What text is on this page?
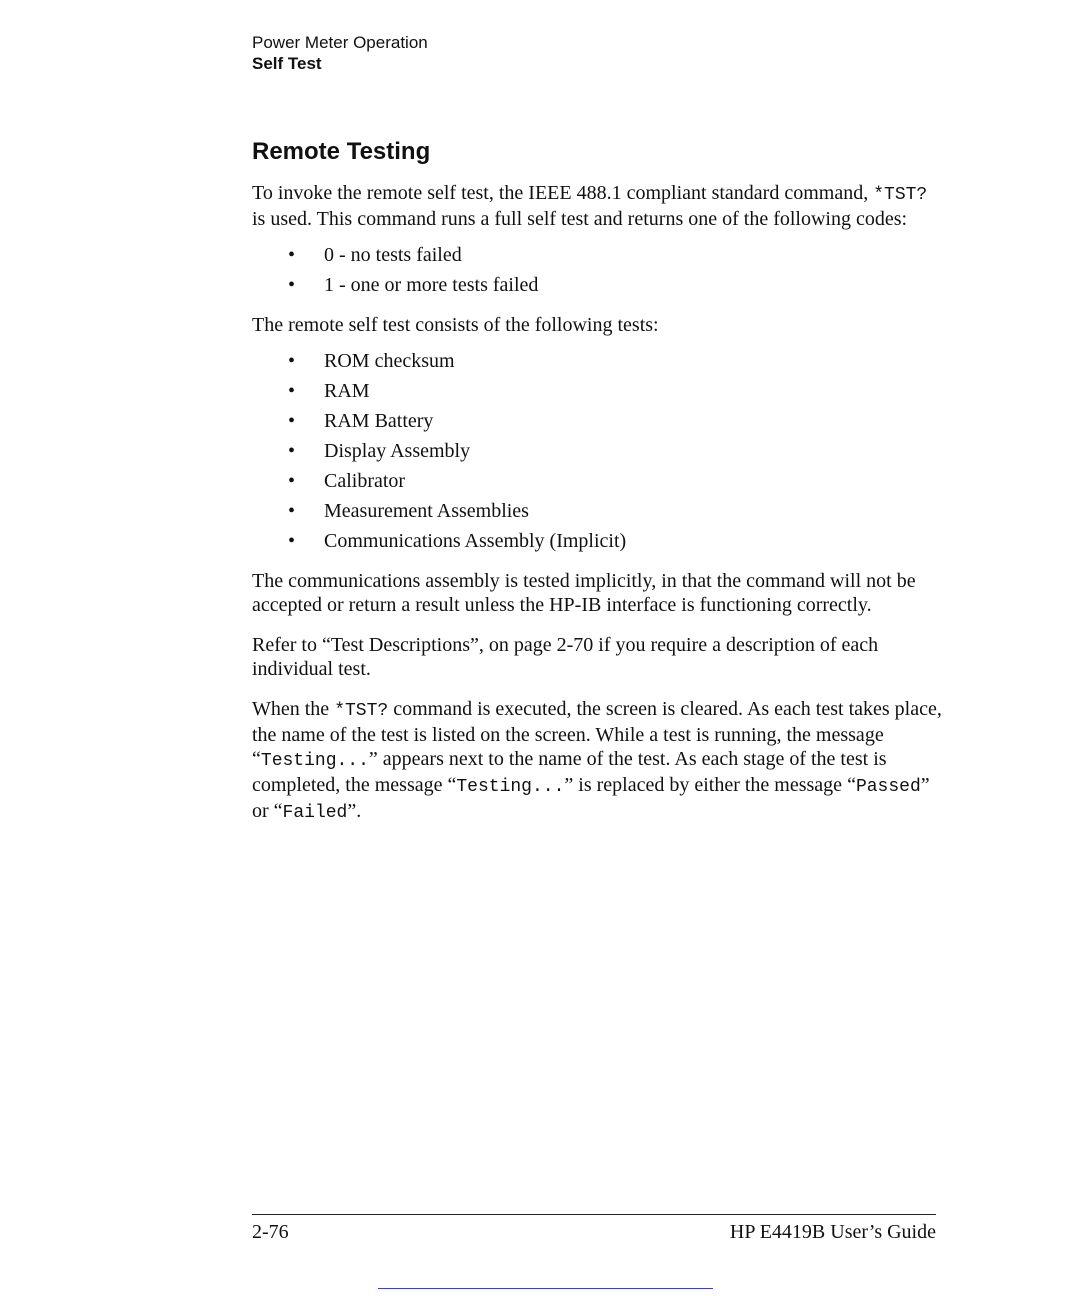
Power Meter Operation
Self Test
Remote Testing

To invoke the remote self test, the IEEE 488.1 compliant standard command, *TST? is used. This command runs a full self test and returns one of the following codes:

• 0 - no tests failed
• 1 - one or more tests failed

The remote self test consists of the following tests:

• ROM checksum
• RAM
• RAM Battery
• Display Assembly
• Calibrator
• Measurement Assemblies
• Communications Assembly (Implicit)

The communications assembly is tested implicitly, in that the command will not be accepted or return a result unless the HP-IB interface is functioning correctly.

Refer to “Test Descriptions”, on page 2-70 if you require a description of each individual test.

When the *TST? command is executed, the screen is cleared. As each test takes place, the name of the test is listed on the screen. While a test is running, the message “Testing...” appears next to the name of the test. As each stage of the test is completed, the message “Testing...” is replaced by either the message “Passed” or “Failed”.

2-76	HP E4419B User’s Guide
